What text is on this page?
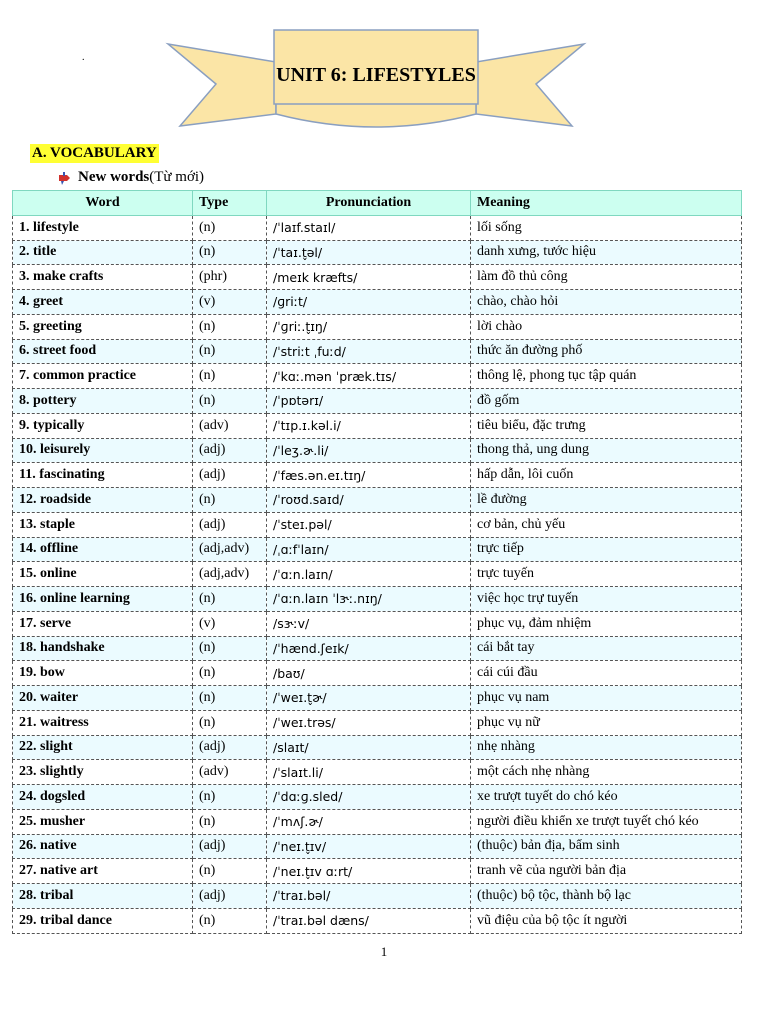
.
UNIT 6: LIFESTYLES
A. VOCABULARY
New words (Từ mới)
Word	Type	Pronunciation	Meaning
1. lifestyle	(n)	/ˈlaɪf.staɪl/	lối sống
2. title	(n)	/ˈtaɪ.t̬əl/	danh xưng, tước hiệu
3. make crafts	(phr)	/meɪk kræfts/	làm đồ thủ công
4. greet	(v)	/ɡriːt/	chào, chào hỏi
5. greeting	(n)	/ˈɡriː.t̬ɪŋ/	lời chào
6. street food	(n)	/ˈstriːt ˌfuːd/	thức ăn đường phố
7. common practice	(n)	/ˈkɑː.mən ˈpræk.tɪs/	thông lệ, phong tục tập quán
8. pottery	(n)	/ˈpɒtərɪ/	đồ gốm
9. typically	(adv)	/ˈtɪp.ɪ.kəl.i/	tiêu biểu, đặc trưng
10. leisurely	(adj)	/ˈleʒ.ɚ.li/	thong thả, ung dung
11. fascinating	(adj)	/ˈfæs.ən.eɪ.tɪŋ/	hấp dẫn, lôi cuốn
12. roadside	(n)	/ˈroʊd.saɪd/	lề đường
13. staple	(adj)	/ˈsteɪ.pəl/	cơ bản, chủ yếu
14. offline	(adj,adv)	/ˌɑːfˈlaɪn/	trực tiếp
15. online	(adj,adv)	/ˈɑːn.laɪn/	trực tuyến
16. online learning	(n)	/ˈɑːn.laɪn ˈlɝː.nɪŋ/	việc học trự tuyến
17. serve	(v)	/sɝːv/	phục vụ, đảm nhiệm
18. handshake	(n)	/ˈhænd.ʃeɪk/	cái bắt tay
19. bow	(n)	/baʊ/	cái cúi đầu
20. waiter	(n)	/ˈweɪ.t̬ɚ/	phục vụ nam
21. waitress	(n)	/ˈweɪ.trəs/	phục vụ nữ
22. slight	(adj)	/slaɪt/	nhẹ nhàng
23. slightly	(adv)	/ˈslaɪt.li/	một cách nhẹ nhàng
24. dogsled	(n)	/ˈdɑːɡ.sled/	xe trượt tuyết do chó kéo
25. musher	(n)	/ˈmʌʃ.ɚ/	người điều khiển xe trượt tuyết chó kéo
26. native	(adj)	/ˈneɪ.t̬ɪv/	(thuộc) bản địa, bẩm sinh
27. native art	(n)	/ˈneɪ.t̬ɪv ɑːrt/	tranh vẽ của người bản địa
28. tribal	(adj)	/ˈtraɪ.bəl/	(thuộc) bộ tộc, thành bộ lạc
29. tribal dance	(n)	/ˈtraɪ.bəl dæns/	vũ điệu của bộ tộc ít người
1
